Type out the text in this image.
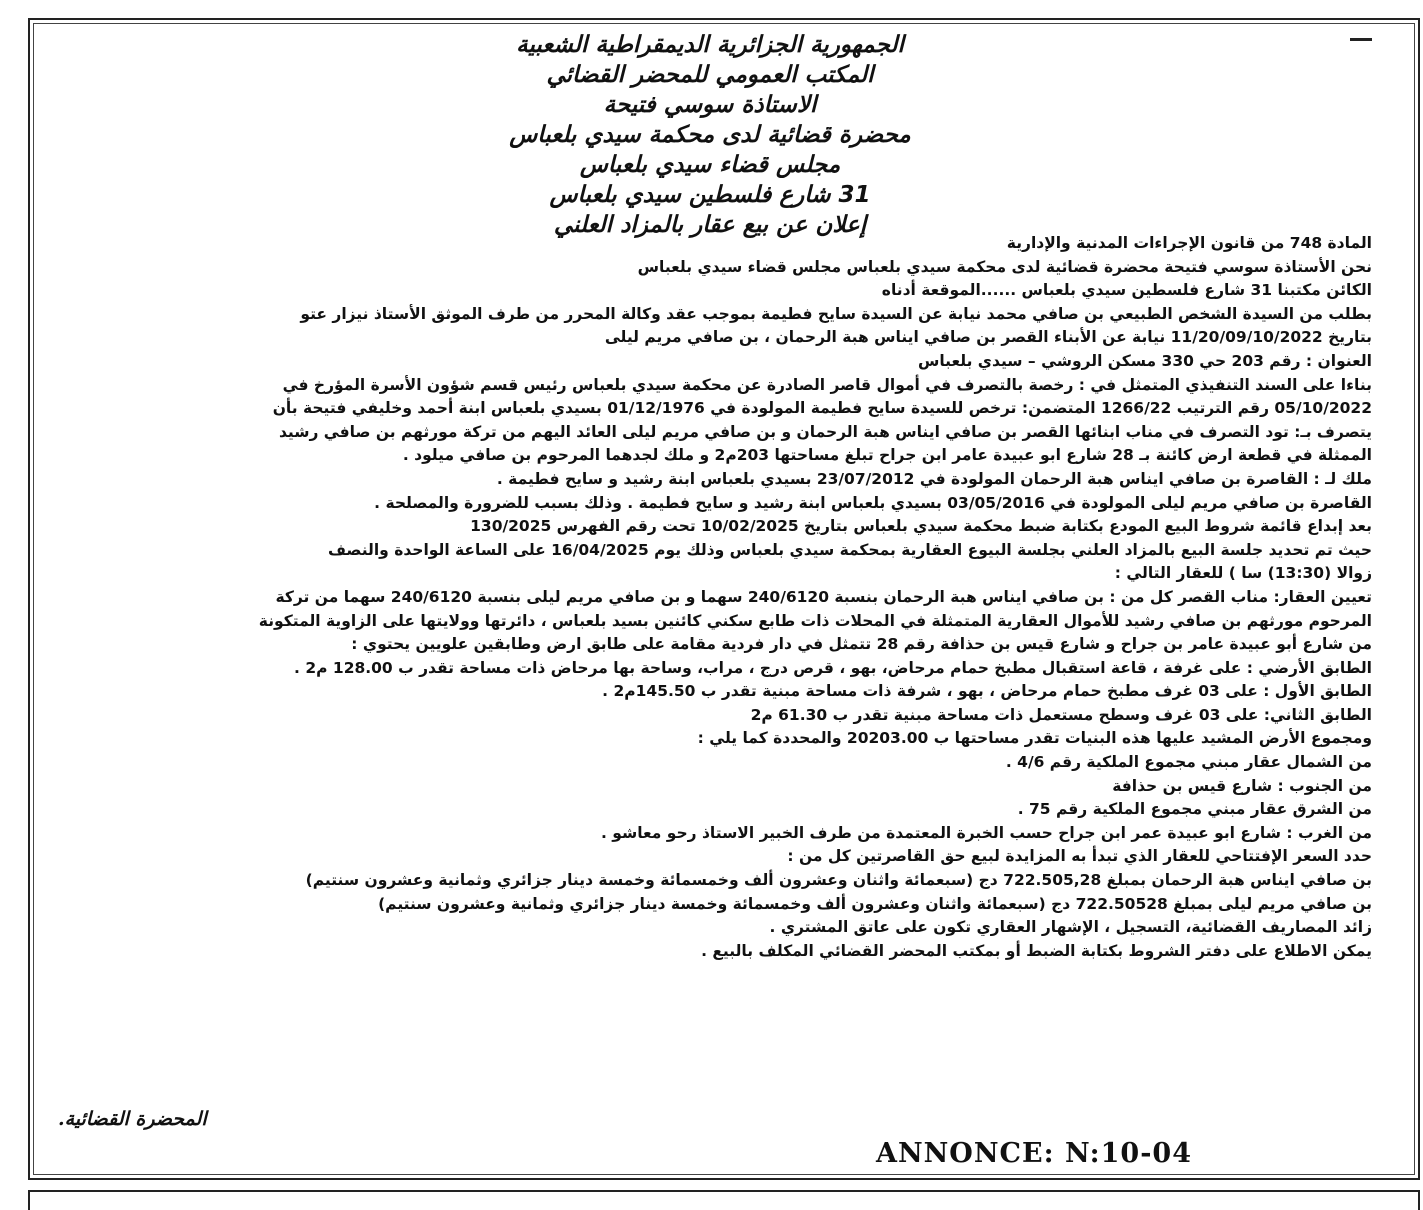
الجمهورية الجزائرية الديمقراطية الشعبية

المكتب العمومي للمحضر القضائي

الاستاذة سوسي فتيحة

محضرة قضائية لدى محكمة سيدي بلعباس

مجلس قضاء سيدي بلعباس

31 شارع فلسطين سيدي بلعباس

إعلان عن بيع عقار بالمزاد العلني

المادة 748 من قانون الإجراءات المدنية والإدارية

نحن الأستاذة سوسي فتيحة محضرة قضائية لدى محكمة سيدي بلعباس مجلس قضاء سيدي بلعباس

الكائن مكتبنا 31 شارع فلسطين سيدي بلعباس ......الموقعة أدناه

بطلب من السيدة الشخص الطبيعي بن صافي محمد نيابة عن السيدة سايح فطيمة بموجب عقد وكالة المحرر من طرف الموثق الأستاذ نيزار عتو

بتاريخ 11/20/09/10/2022 نيابة عن الأبناء القصر بن صافي ايناس هبة الرحمان ، بن صافي مريم ليلى

العنوان : رقم 203 حي 330 مسكن الروشي – سيدي بلعباس

بناءا على السند التنفيذي المتمثل في : رخصة بالتصرف في أموال قاصر الصادرة عن محكمة سيدي بلعباس رئيس قسم شؤون الأسرة المؤرخ في

05/10/2022 رقم الترتيب 1266/22 المتضمن: ترخص للسيدة سايح فطيمة المولودة في 01/12/1976 بسيدي بلعباس ابنة أحمد وخليفي فتيحة بأن

يتصرف بـ: تود التصرف في مناب ابنائها القصر بن صافي ايناس هبة الرحمان و بن صافي مريم ليلى العائد اليهم من تركة مورثهم بن صافي رشيد

الممثلة في قطعة ارض كائنة بـ 28 شارع ابو عبيدة عامر ابن جراح تبلغ مساحتها 203م2 و ملك لجدهما المرحوم بن صافي ميلود .

ملك لـ : القاصرة بن صافي ايناس هبة الرحمان المولودة في 23/07/2012 بسيدي بلعباس ابنة رشيد و سايح فطيمة .

القاصرة بن صافي مريم ليلى المولودة في 03/05/2016 بسيدي بلعباس ابنة رشيد و سايح فطيمة . وذلك بسبب للضرورة والمصلحة .

بعد إبداع قائمة شروط البيع المودع بكتابة ضبط محكمة سيدي بلعباس بتاريخ 10/02/2025 تحت رقم الفهرس 130/2025

حيث تم تحديد جلسة البيع بالمزاد العلني بجلسة البيوع العقارية بمحكمة سيدي بلعباس وذلك يوم 16/04/2025 على الساعة الواحدة والنصف

زوالا (13:30) سا ) للعقار التالي :

تعيين العقار: مناب القصر كل من : بن صافي ايناس هبة الرحمان بنسبة 240/6120 سهما و بن صافي مريم ليلى بنسبة 240/6120 سهما من تركة

المرحوم مورثهم بن صافي رشيد للأموال العقارية المتمثلة في المحلات ذات طابع سكني كائنين بسيد بلعباس ، دائرتها وولايتها على الزاوية المتكونة

من شارع أبو عبيدة عامر بن جراح و شارع قيس بن حذافة رقم 28 تتمثل في دار فردية مقامة على طابق ارض وطابقين علويين يحتوي :

الطابق الأرضي : على غرفة ، قاعة استقبال مطبخ حمام مرحاض، بهو ، قرص درج ، مراب، وساحة بها مرحاض ذات مساحة تقدر ب 128.00 م2 .

الطابق الأول : على 03 غرف مطبخ حمام مرحاض ، بهو ، شرفة ذات مساحة مبنية تقدر ب 145.50م2 .

الطابق الثاني: على 03 غرف وسطح مستعمل ذات مساحة مبنية تقدر ب 61.30 م2

ومجموع الأرض المشيد عليها هذه البنيات تقدر مساحتها ب 20203.00 والمحددة كما يلي :

من الشمال عقار مبني مجموع الملكية رقم 4/6 .

من الجنوب : شارع قيس بن حذافة

من الشرق عقار مبني مجموع الملكية رقم 75 .

من الغرب : شارع ابو عبيدة عمر ابن جراح حسب الخبرة المعتمدة من طرف الخبير الاستاذ رحو معاشو .

حدد السعر الإفتتاحي للعقار الذي تبدأ به المزايدة لبيع حق القاصرتين كل من :

بن صافي ايناس هبة الرحمان بمبلغ 722.505,28 دج (سبعمائة واثنان وعشرون ألف وخمسمائة وخمسة دينار جزائري وثمانية وعشرون سنتيم)

بن صافي مريم ليلى بمبلغ 722.50528 دج (سبعمائة واثنان وعشرون ألف وخمسمائة وخمسة دينار جزائري وثمانية وعشرون سنتيم)

زائد المصاريف القضائية، التسجيل ، الإشهار العقاري تكون على عاتق المشتري .

يمكن الاطلاع على دفتر الشروط بكتابة الضبط أو بمكتب المحضر القضائي المكلف بالبيع .

المحضرة القضائية.
ANNONCE: N:10-04
